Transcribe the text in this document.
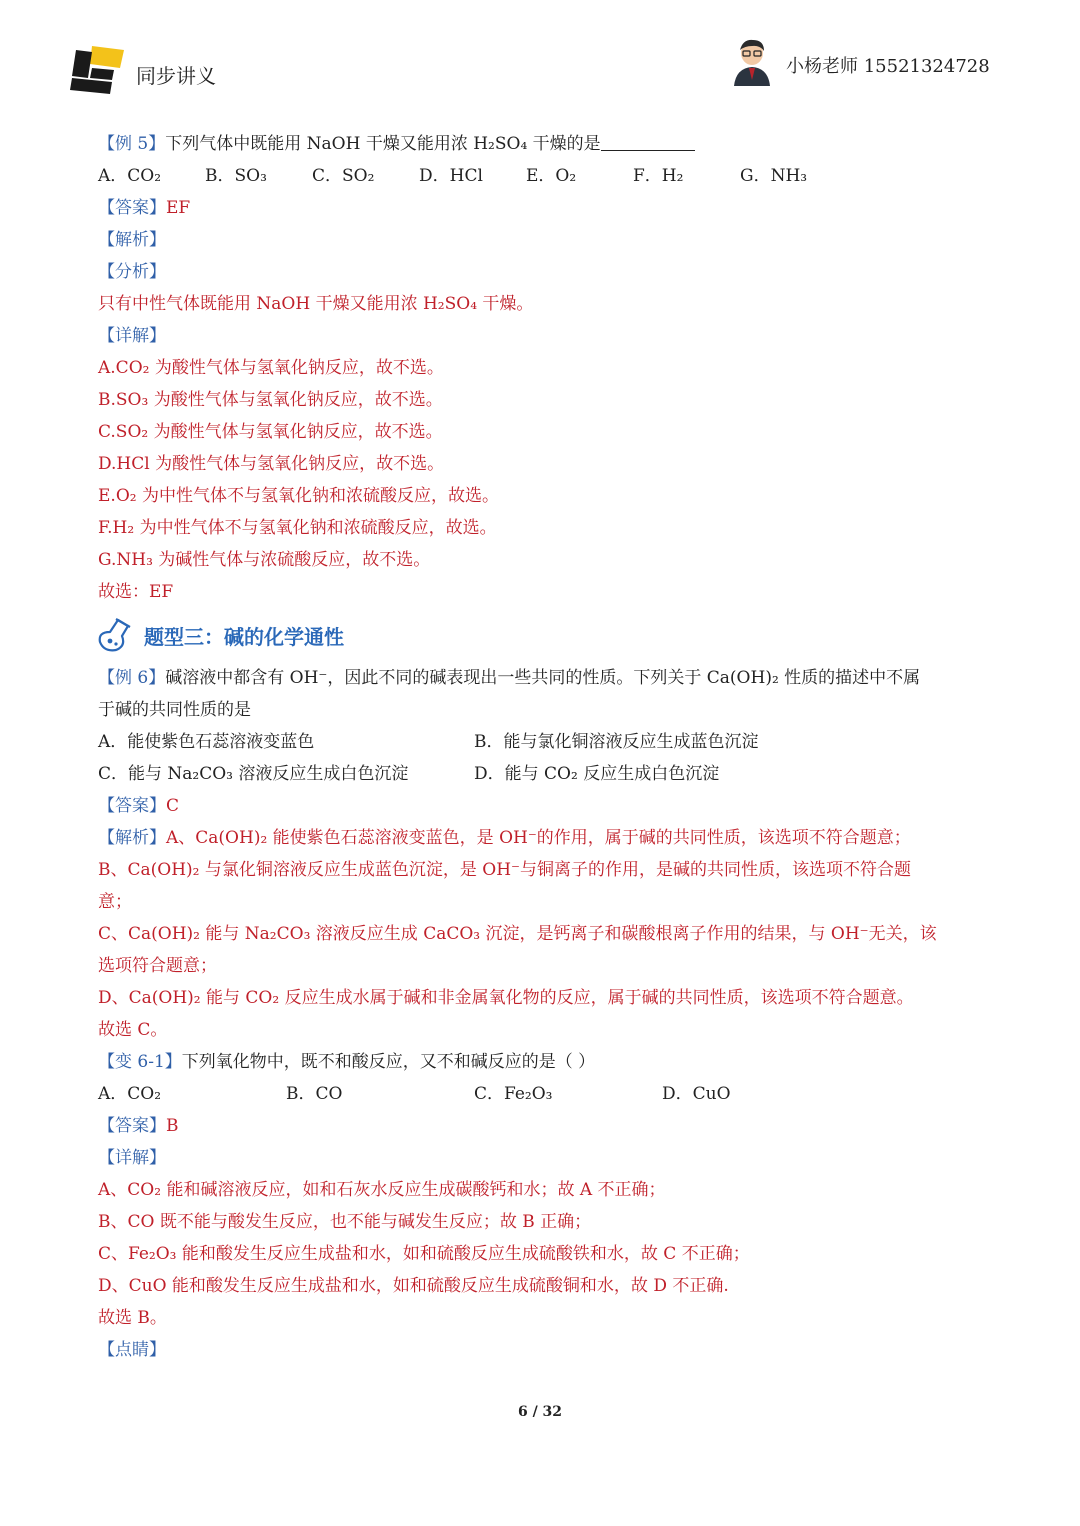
同步讲义	小杨老师 15521324728
【例 5】下列气体中既能用 NaOH 干燥又能用浓 H₂SO₄ 干燥的是
A．CO₂	B．SO₃	C．SO₂	D．HCl	E．O₂	F．H₂	G．NH₃
【答案】EF
【解析】
【分析】
只有中性气体既能用 NaOH 干燥又能用浓 H₂SO₄ 干燥。
【详解】
A.CO₂ 为酸性气体与氢氧化钠反应，故不选。
B.SO₃ 为酸性气体与氢氧化钠反应，故不选。
C.SO₂ 为酸性气体与氢氧化钠反应，故不选。
D.HCl 为酸性气体与氢氧化钠反应，故不选。
E.O₂ 为中性气体不与氢氧化钠和浓硫酸反应，故选。
F.H₂ 为中性气体不与氢氧化钠和浓硫酸反应，故选。
G.NH₃ 为碱性气体与浓硫酸反应，故不选。
故选：EF
题型三：碱的化学通性
【例 6】碱溶液中都含有 OH⁻，因此不同的碱表现出一些共同的性质。下列关于 Ca(OH)₂ 性质的描述中不属
于碱的共同性质的是
A．能使紫色石蕊溶液变蓝色	B．能与氯化铜溶液反应生成蓝色沉淀
C．能与 Na₂CO₃ 溶液反应生成白色沉淀	D．能与 CO₂ 反应生成白色沉淀
【答案】C
【解析】A、Ca(OH)₂ 能使紫色石蕊溶液变蓝色，是 OH⁻的作用，属于碱的共同性质，该选项不符合题意；
B、Ca(OH)₂ 与氯化铜溶液反应生成蓝色沉淀，是 OH⁻与铜离子的作用，是碱的共同性质，该选项不符合题
意；
C、Ca(OH)₂ 能与 Na₂CO₃ 溶液反应生成 CaCO₃ 沉淀，是钙离子和碳酸根离子作用的结果，与 OH⁻无关，该
选项符合题意；
D、Ca(OH)₂ 能与 CO₂ 反应生成水属于碱和非金属氧化物的反应，属于碱的共同性质，该选项不符合题意。
故选 C。
【变 6-1】下列氧化物中，既不和酸反应，又不和碱反应的是（ ）
A．CO₂	B．CO	C．Fe₂O₃	D．CuO
【答案】B
【详解】
A、CO₂ 能和碱溶液反应，如和石灰水反应生成碳酸钙和水；故 A 不正确；
B、CO 既不能与酸发生反应，也不能与碱发生反应；故 B 正确；
C、Fe₂O₃ 能和酸发生反应生成盐和水，如和硫酸反应生成硫酸铁和水，故 C 不正确；
D、CuO 能和酸发生反应生成盐和水，如和硫酸反应生成硫酸铜和水，故 D 不正确.
故选 B。
【点睛】
6 / 32
